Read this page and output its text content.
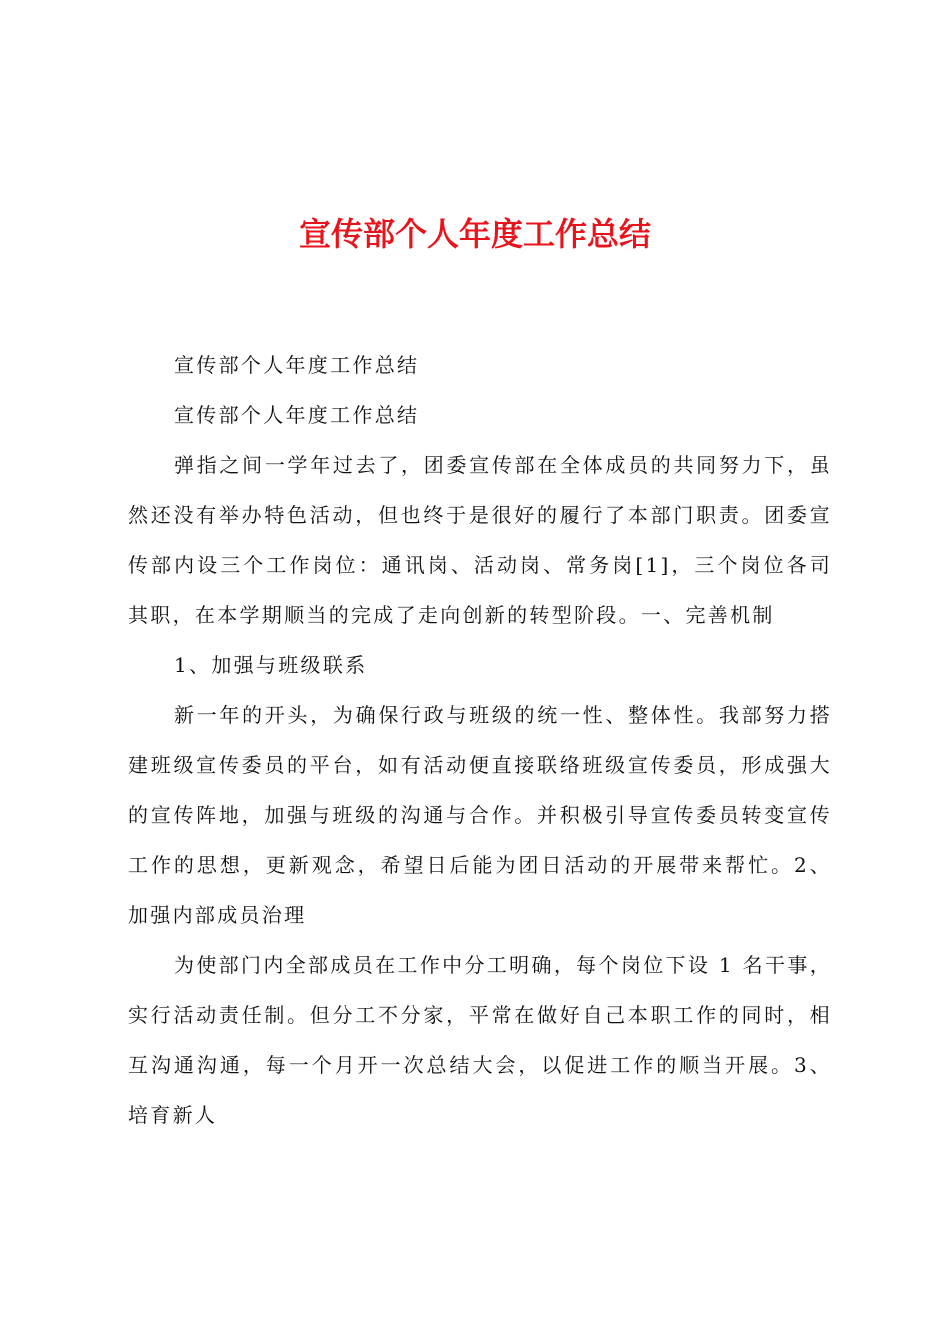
宣传部个人年度工作总结

宣传部个人年度工作总结

宣传部个人年度工作总结

弹指之间一学年过去了，团委宣传部在全体成员的共同努力下，虽然还没有举办特色活动，但也终于是很好的履行了本部门职责。团委宣传部内设三个工作岗位：通讯岗、活动岗、常务岗[1]，三个岗位各司其职，在本学期顺当的完成了走向创新的转型阶段。一、完善机制

1、加强与班级联系

新一年的开头，为确保行政与班级的统一性、整体性。我部努力搭建班级宣传委员的平台，如有活动便直接联络班级宣传委员，形成强大的宣传阵地，加强与班级的沟通与合作。并积极引导宣传委员转变宣传工作的思想，更新观念，希望日后能为团日活动的开展带来帮忙。2、加强内部成员治理

为使部门内全部成员在工作中分工明确，每个岗位下设 1 名干事，实行活动责任制。但分工不分家，平常在做好自己本职工作的同时，相互沟通沟通，每一个月开一次总结大会，以促进工作的顺当开展。3、培育新人
